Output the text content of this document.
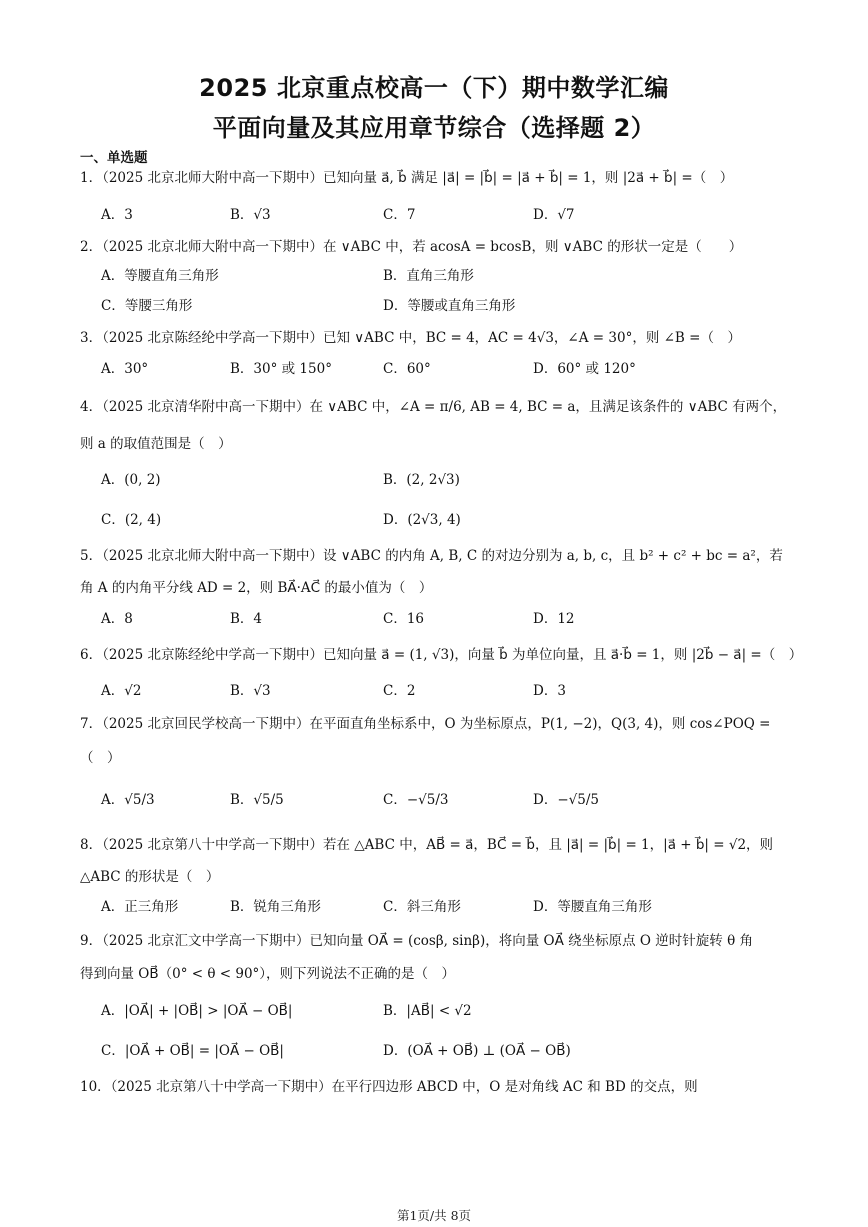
2025 北京重点校高一（下）期中数学汇编
平面向量及其应用章节综合（选择题 2）
一、单选题
1．（2025 北京北师大附中高一下期中）已知向量 a⃗, b⃗ 满足 |a⃗| = |b⃗| = |a⃗ + b⃗| = 1，则 |2a⃗ + b⃗| =（　）
A．3	B．√3	C．7	D．√7
2．（2025 北京北师大附中高一下期中）在 ∨ABC 中，若 acosA = bcosB，则 ∨ABC 的形状一定是（　　）
A．等腰直角三角形	B．直角三角形
C．等腰三角形	D．等腰或直角三角形
3．（2025 北京陈经纶中学高一下期中）已知 ∨ABC 中，BC = 4，AC = 4√3，∠A = 30°，则 ∠B =（　）
A．30°	B．30° 或 150°	C．60°	D．60° 或 120°
4．（2025 北京清华附中高一下期中）在 ∨ABC 中，∠A = π/6, AB = 4, BC = a，且满足该条件的 ∨ABC 有两个，
则 a 的取值范围是（　）
A．(0, 2)	B．(2, 2√3)
C．(2, 4)	D．(2√3, 4)
5．（2025 北京北师大附中高一下期中）设 ∨ABC 的内角 A, B, C 的对边分别为 a, b, c，且 b² + c² + bc = a²，若
角 A 的内角平分线 AD = 2，则 BA⃗·AC⃗ 的最小值为（　）
A．8	B．4	C．16	D．12
6．（2025 北京陈经纶中学高一下期中）已知向量 a⃗ = (1, √3)，向量 b⃗ 为单位向量，且 a⃗·b⃗ = 1，则 |2b⃗ − a⃗| =（　）
A．√2	B．√3	C．2	D．3
7．（2025 北京回民学校高一下期中）在平面直角坐标系中，O 为坐标原点，P(1, −2)，Q(3, 4)，则 cos∠POQ =
（　）
A．√5/3	B．√5/5	C．−√5/3	D．−√5/5
8．（2025 北京第八十中学高一下期中）若在 △ABC 中，AB⃗ = a⃗，BC⃗ = b⃗，且 |a⃗| = |b⃗| = 1，|a⃗ + b⃗| = √2，则
△ABC 的形状是（　）
A．正三角形	B．锐角三角形	C．斜三角形	D．等腰直角三角形
9．（2025 北京汇文中学高一下期中）已知向量 OA⃗ = (cosβ, sinβ)，将向量 OA⃗ 绕坐标原点 O 逆时针旋转 θ 角
得到向量 OB⃗（0° < θ < 90°），则下列说法不正确的是（　）
A．|OA⃗| + |OB⃗| > |OA⃗ − OB⃗|	B．|AB⃗| < √2
C．|OA⃗ + OB⃗| = |OA⃗ − OB⃗|	D．(OA⃗ + OB⃗) ⊥ (OA⃗ − OB⃗)
10．（2025 北京第八十中学高一下期中）在平行四边形 ABCD 中，O 是对角线 AC 和 BD 的交点，则
第1页/共 8页
